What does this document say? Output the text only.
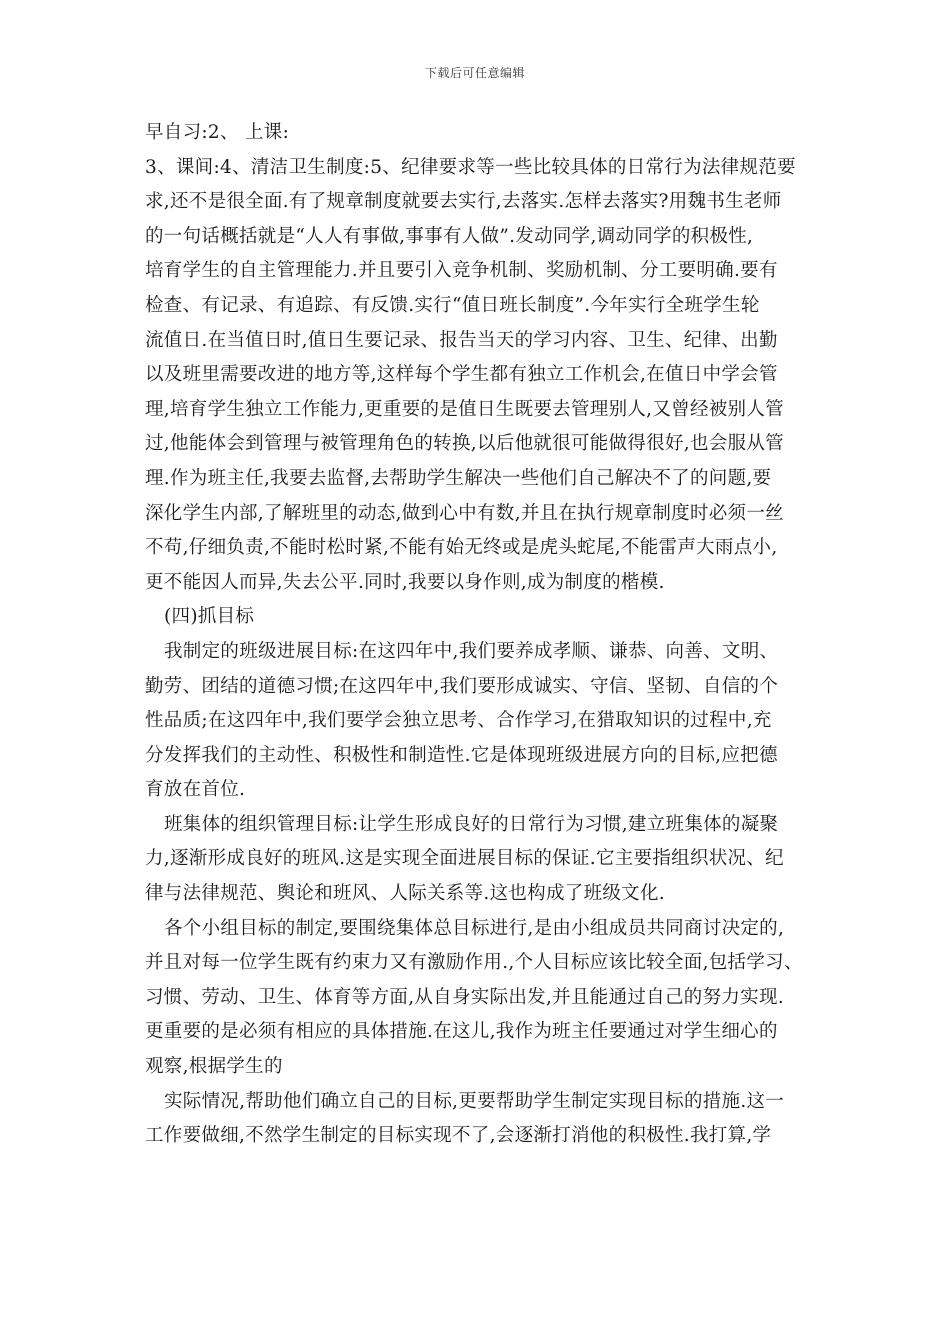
下载后可任意编辑

早自习:2、 上课:
3、课间:4、清洁卫生制度:5、纪律要求等一些比较具体的日常行为法律规范要
求,还不是很全面.有了规章制度就要去实行,去落实.怎样去落实?用魏书生老师
的一句话概括就是“人人有事做,事事有人做”.发动同学,调动同学的积极性,
培育学生的自主管理能力.并且要引入竞争机制、奖励机制、分工要明确.要有
检查、有记录、有追踪、有反馈.实行“值日班长制度”.今年实行全班学生轮
流值日.在当值日时,值日生要记录、报告当天的学习内容、卫生、纪律、出勤
以及班里需要改进的地方等,这样每个学生都有独立工作机会,在值日中学会管
理,培育学生独立工作能力,更重要的是值日生既要去管理别人,又曾经被别人管
过,他能体会到管理与被管理角色的转换,以后他就很可能做得很好,也会服从管
理.作为班主任,我要去监督,去帮助学生解决一些他们自己解决不了的问题,要
深化学生内部,了解班里的动态,做到心中有数,并且在执行规章制度时必须一丝
不苟,仔细负责,不能时松时紧,不能有始无终或是虎头蛇尾,不能雷声大雨点小,
更不能因人而异,失去公平.同时,我要以身作则,成为制度的楷模.

(四)抓目标

我制定的班级进展目标:在这四年中,我们要养成孝顺、谦恭、向善、文明、
勤劳、团结的道德习惯;在这四年中,我们要形成诚实、守信、坚韧、自信的个
性品质;在这四年中,我们要学会独立思考、合作学习,在猎取知识的过程中,充
分发挥我们的主动性、积极性和制造性.它是体现班级进展方向的目标,应把德
育放在首位.

班集体的组织管理目标:让学生形成良好的日常行为习惯,建立班集体的凝聚
力,逐渐形成良好的班风.这是实现全面进展目标的保证.它主要指组织状况、纪
律与法律规范、舆论和班风、人际关系等.这也构成了班级文化.

各个小组目标的制定,要围绕集体总目标进行,是由小组成员共同商讨决定的,
并且对每一位学生既有约束力又有激励作用.,个人目标应该比较全面,包括学习、
习惯、劳动、卫生、体育等方面,从自身实际出发,并且能通过自己的努力实现.
更重要的是必须有相应的具体措施.在这儿,我作为班主任要通过对学生细心的
观察,根据学生的

实际情况,帮助他们确立自己的目标,更要帮助学生制定实现目标的措施.这一
工作要做细,不然学生制定的目标实现不了,会逐渐打消他的积极性.我打算,学
